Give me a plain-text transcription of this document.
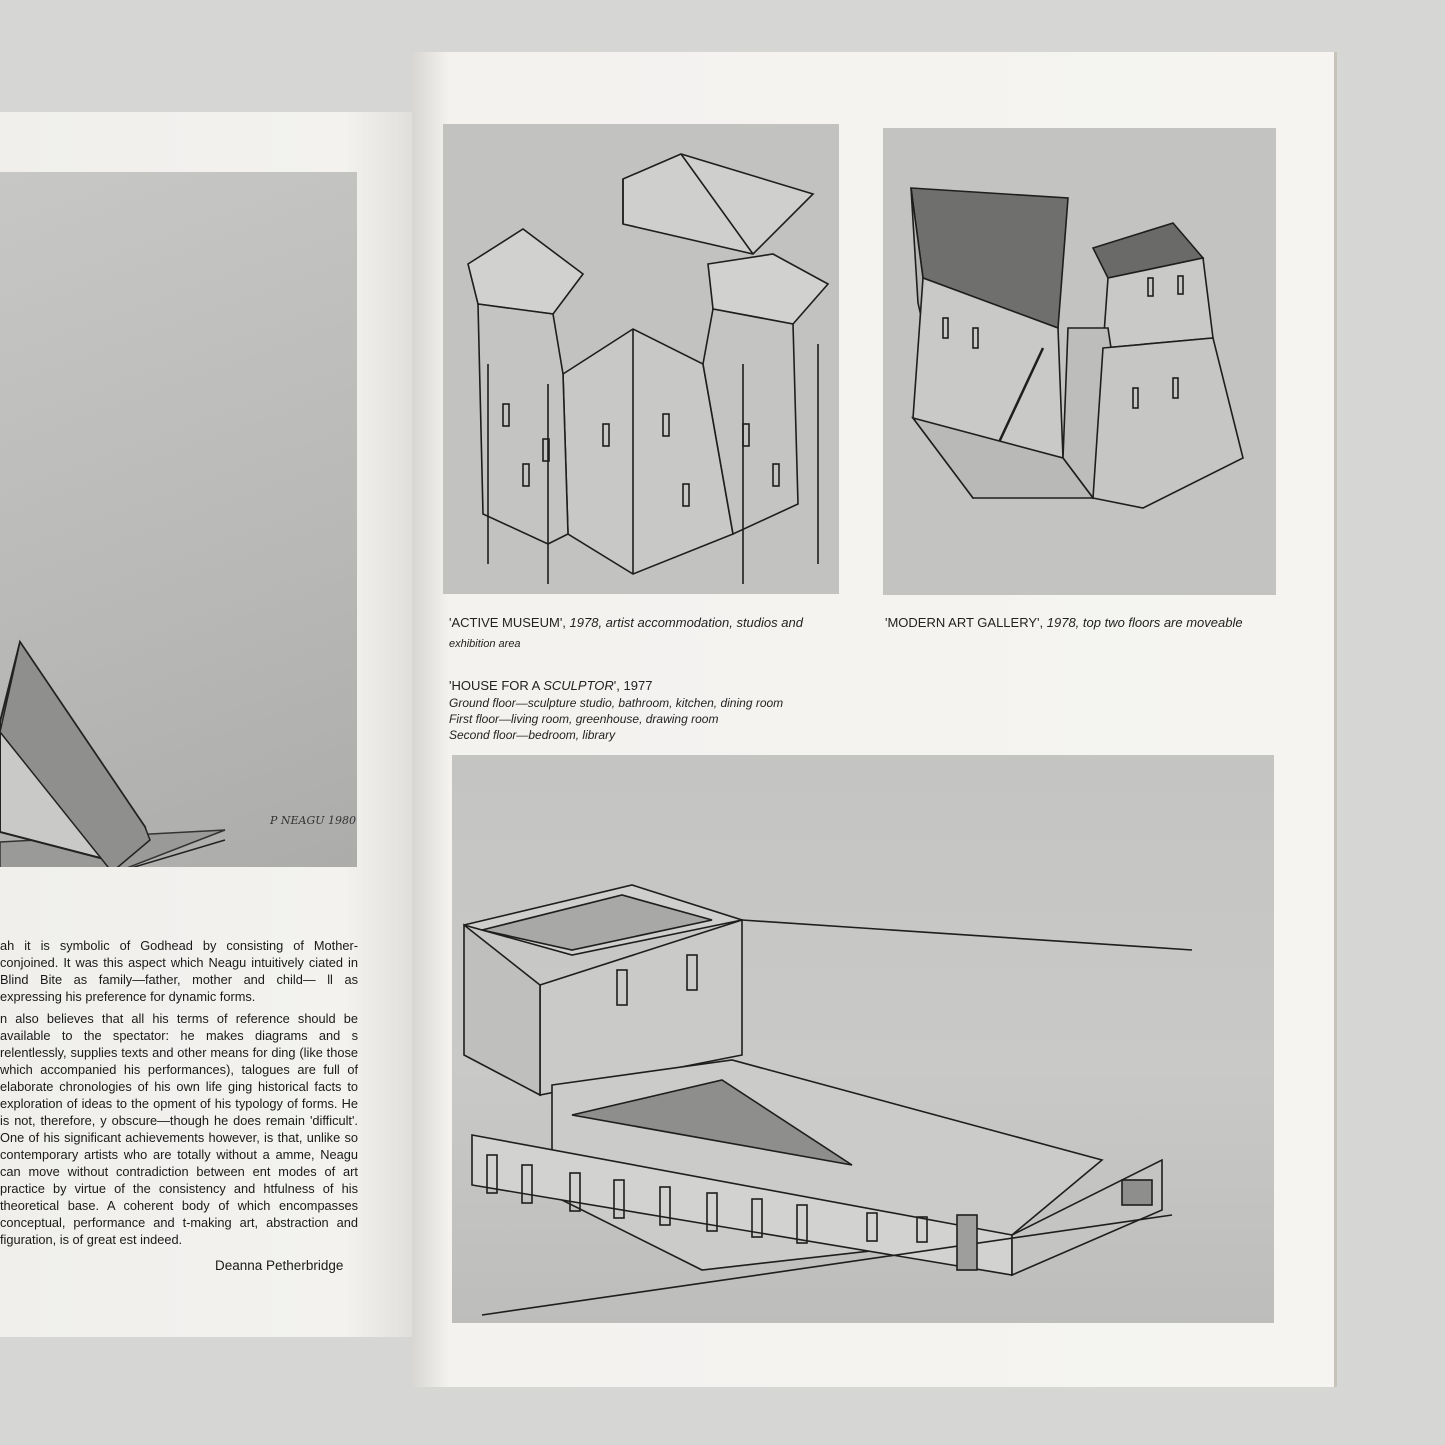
P NEAGU 1980

ah it is symbolic of Godhead by consisting of Mother- conjoined. It was this aspect which Neagu intuitively ciated in Blind Bite as family—father, mother and child— ll as expressing his preference for dynamic forms.

n also believes that all his terms of reference should be available to the spectator: he makes diagrams and s relentlessly, supplies texts and other means for ding (like those which accompanied his performances), talogues are full of elaborate chronologies of his own life ging historical facts to exploration of ideas to the opment of his typology of forms. He is not, therefore, y obscure—though he does remain 'difficult'. One of his significant achievements however, is that, unlike so contemporary artists who are totally without a amme, Neagu can move without contradiction between ent modes of art practice by virtue of the consistency and htfulness of his theoretical base. A coherent body of which encompasses conceptual, performance and t-making art, abstraction and figuration, is of great est indeed.

Deanna Petherbridge
'ACTIVE MUSEUM', 1978, artist accommodation, studios and
exhibition area
'MODERN ART GALLERY', 1978, top two floors are moveable
'HOUSE FOR A SCULPTOR', 1977
Ground floor—sculpture studio, bathroom, kitchen, dining room
First floor—living room, greenhouse, drawing room
Second floor—bedroom, library
